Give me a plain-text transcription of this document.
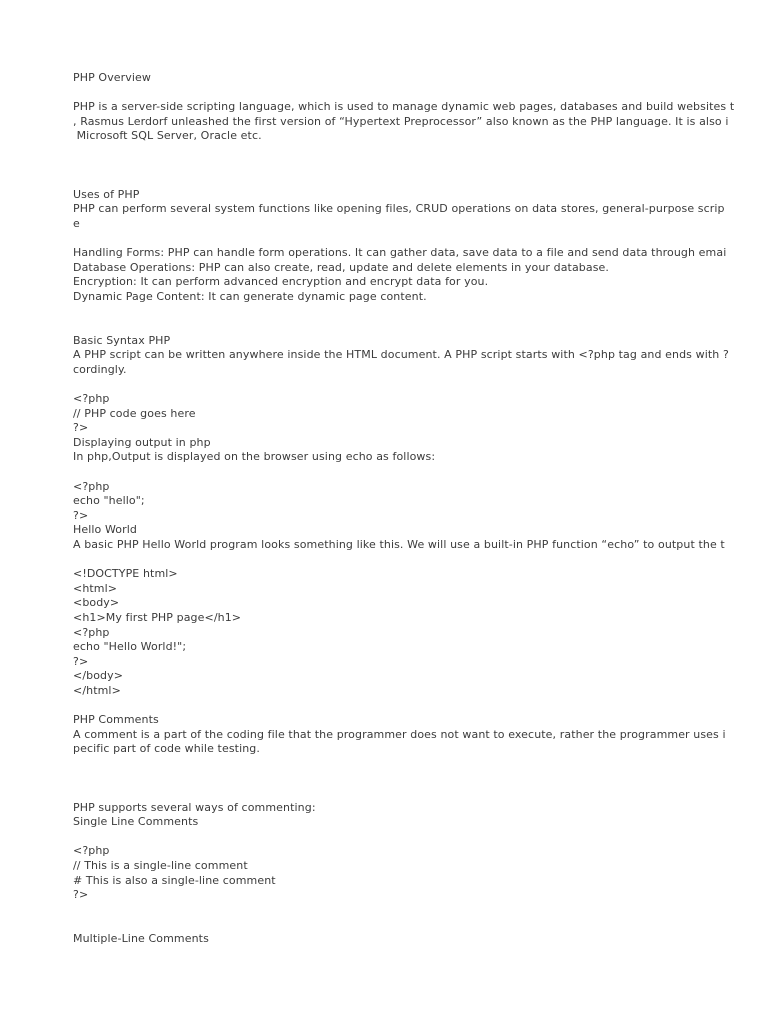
PHP Overview
PHP is a server-side scripting language, which is used to manage dynamic web pages, databases and build websites t
, Rasmus Lerdorf unleashed the first version of “Hypertext Preprocessor” also known as the PHP language. It is also i
Microsoft SQL Server, Oracle etc.
Uses of PHP
PHP can perform several system functions like opening files, CRUD operations on data stores, general-purpose scrip
e
Handling Forms: PHP can handle form operations. It can gather data, save data to a file and send data through emai
Database Operations: PHP can also create, read, update and delete elements in your database.
Encryption: It can perform advanced encryption and encrypt data for you.
Dynamic Page Content: It can generate dynamic page content.
Basic Syntax PHP
A PHP script can be written anywhere inside the HTML document. A PHP script starts with <?php tag and ends with ?
cordingly.
<?php
// PHP code goes here
?>
Displaying output in php
In php,Output is displayed on the browser using echo as follows:
<?php
echo "hello";
?>
Hello World
A basic PHP Hello World program looks something like this. We will use a built-in PHP function “echo” to output the t
<!DOCTYPE html>
<html>
<body>
<h1>My first PHP page</h1>
<?php
echo "Hello World!";
?>
</body>
</html>
PHP Comments
A comment is a part of the coding file that the programmer does not want to execute, rather the programmer uses i
pecific part of code while testing.
PHP supports several ways of commenting:
Single Line Comments
<?php
// This is a single-line comment
# This is also a single-line comment
?>
Multiple-Line Comments
